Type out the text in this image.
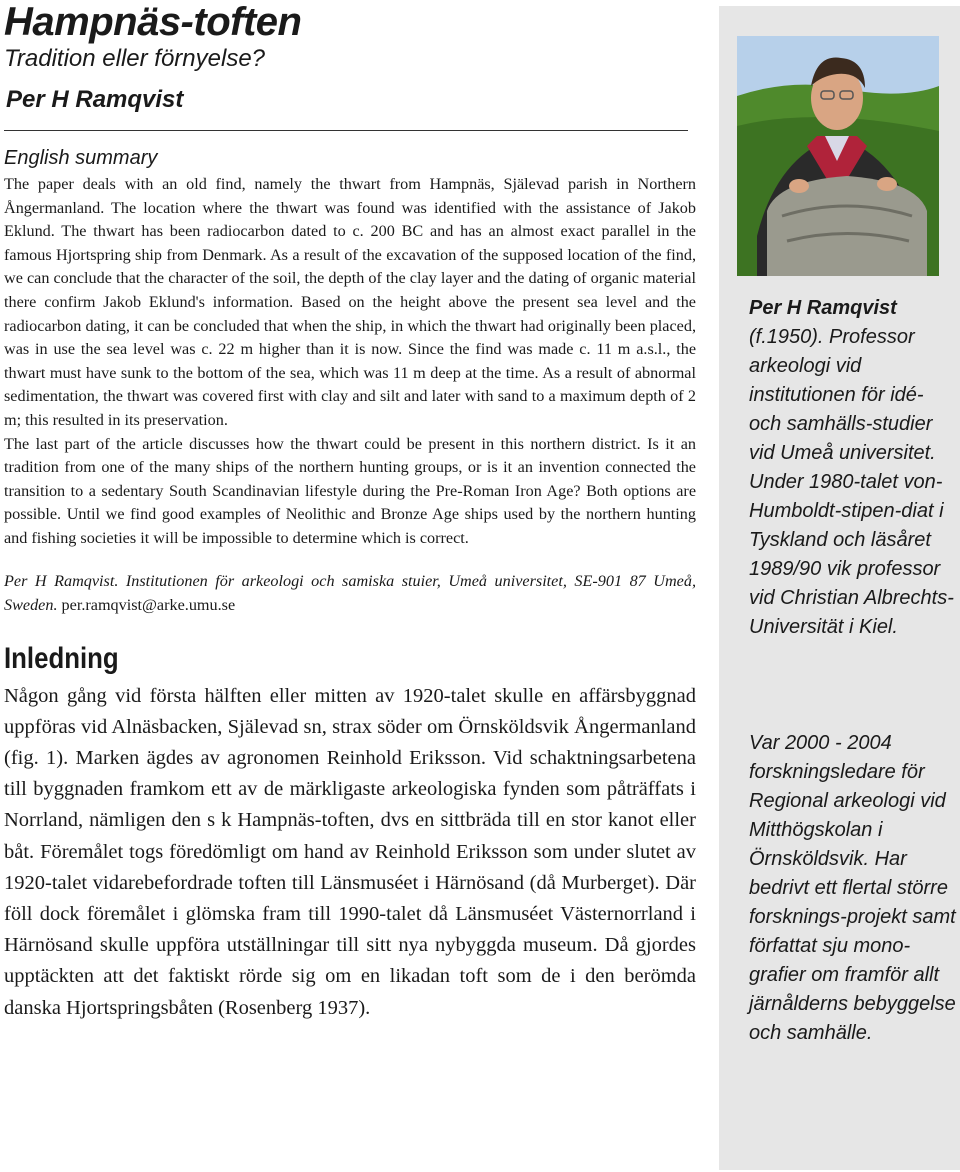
Hampnäs-toften

Tradition eller förnyelse?

Per H Ramqvist

English summary

The paper deals with an old find, namely the thwart from Hampnäs, Själevad parish in Northern Ångermanland. The location where the thwart was found was identified with the assistance of Jakob Eklund. The thwart has been radiocarbon dated to c. 200 BC and has an almost exact parallel in the famous Hjortspring ship from Denmark. As a result of the excavation of the supposed location of the find, we can conclude that the character of the soil, the depth of the clay layer and the dating of organic material there confirm Jakob Eklund's information. Based on the height above the present sea level and the radiocarbon dating, it can be concluded that when the ship, in which the thwart had originally been placed, was in use the sea level was c. 22 m higher than it is now. Since the find was made c. 11 m a.s.l., the thwart must have sunk to the bottom of the sea, which was 11 m deep at the time. As a result of abnormal sedimentation, the thwart was covered first with clay and silt and later with sand to a maximum depth of 2 m; this resulted in its preservation.

The last part of the article discusses how the thwart could be present in this northern district. Is it an tradition from one of the many ships of the northern hunting groups, or is it an invention connected the transition to a sedentary South Scandinavian lifestyle during the Pre-Roman Iron Age? Both options are possible. Until we find good examples of Neolithic and Bronze Age ships used by the northern hunting and fishing societies it will be impossible to determine which is correct.

Per H Ramqvist. Institutionen för arkeologi och samiska stuier, Umeå universitet, SE-901 87 Umeå, Sweden. per.ramqvist@arke.umu.se

Inledning

Någon gång vid första hälften eller mitten av 1920-talet skulle en affärsbyggnad uppföras vid Alnäsbacken, Själevad sn, strax söder om Örnsköldsvik Ångermanland (fig. 1). Marken ägdes av agronomen Reinhold Eriksson. Vid schaktningsarbetena till byggnaden framkom ett av de märkligaste arkeologiska fynden som påträffats i Norrland, nämligen den s k Hampnäs-toften, dvs en sittbräda till en stor kanot eller båt. Föremålet togs föredömligt om hand av Reinhold Eriksson som under slutet av 1920-talet vidarebefordrade toften till Länsmuséet i Härnösand (då Murberget). Där föll dock föremålet i glömska fram till 1990-talet då Länsmuséet Västernorrland i Härnösand skulle uppföra utställningar till sitt nya nybyggda museum. Då gjordes upptäckten att det faktiskt rörde sig om en likadan toft som de i den berömda danska Hjortspringsbåten (Rosenberg 1937).

Per H Ramqvist
(f.1950). Professor arkeologi vid institutionen för idé- och samhälls-studier vid Umeå universitet. Under 1980-talet von-Humboldt-stipen-diat i Tyskland och läsåret 1989/90 vik professor vid Christian Albrechts-Universität i Kiel.

Var 2000 - 2004 forskningsledare för Regional arkeologi vid Mitthögskolan i Örnsköldsvik. Har bedrivt ett flertal större forsknings-projekt samt författat sju mono-grafier om framför allt järnålderns bebyggelse och samhälle.
